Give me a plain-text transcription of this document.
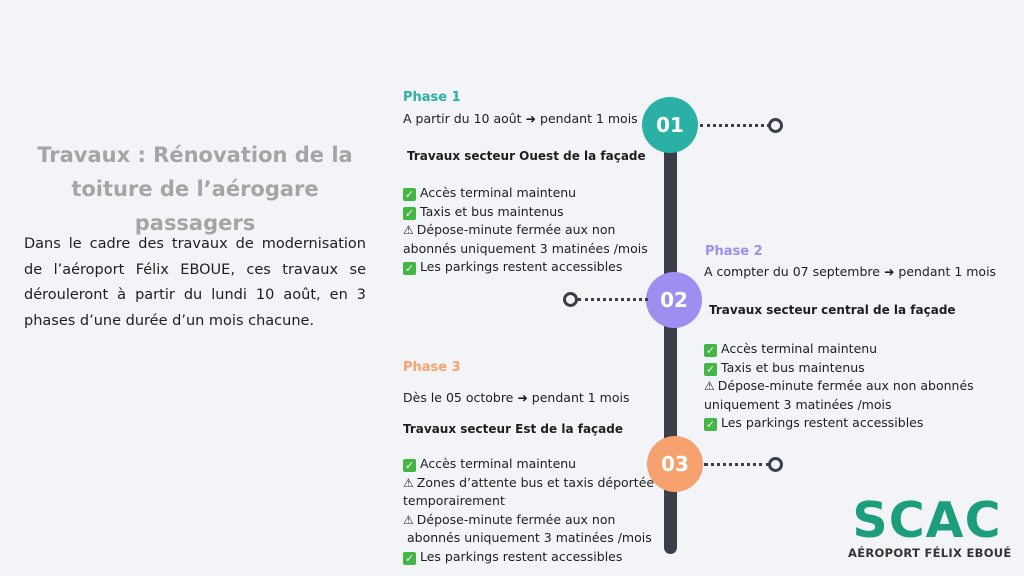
Travaux : Rénovation de la
toiture de l’aérogare passagers

Dans le cadre des travaux de modernisation de l’aéroport Félix EBOUE, ces travaux se dérouleront à partir du lundi 10 août, en 3 phases d’une durée d’un mois chacune.

01
02
03
Phase 1
A partir du 10 août ➜ pendant 1 mois
Travaux secteur Ouest de la façade
✓ Accès terminal maintenu
✓ Taxis et bus maintenus
⚠ Dépose-minute fermée aux non
abonnés uniquement 3 matinées /mois
✓ Les parkings restent accessibles
Phase 2
A compter du 07 septembre ➜ pendant 1 mois
Travaux secteur central de la façade
✓ Accès terminal maintenu
✓ Taxis et bus maintenus
⚠ Dépose-minute fermée aux non abonnés
uniquement 3 matinées /mois
✓ Les parkings restent accessibles
Phase 3
Dès le 05 octobre ➜ pendant 1 mois
Travaux secteur Est de la façade
✓ Accès terminal maintenu
⚠ Zones d’attente bus et taxis déportée
temporairement
⚠ Dépose-minute fermée aux non
abonnés uniquement 3 matinées /mois
✓ Les parkings restent accessibles
SCAC
AÉROPORT FÉLIX EBOUÉ
